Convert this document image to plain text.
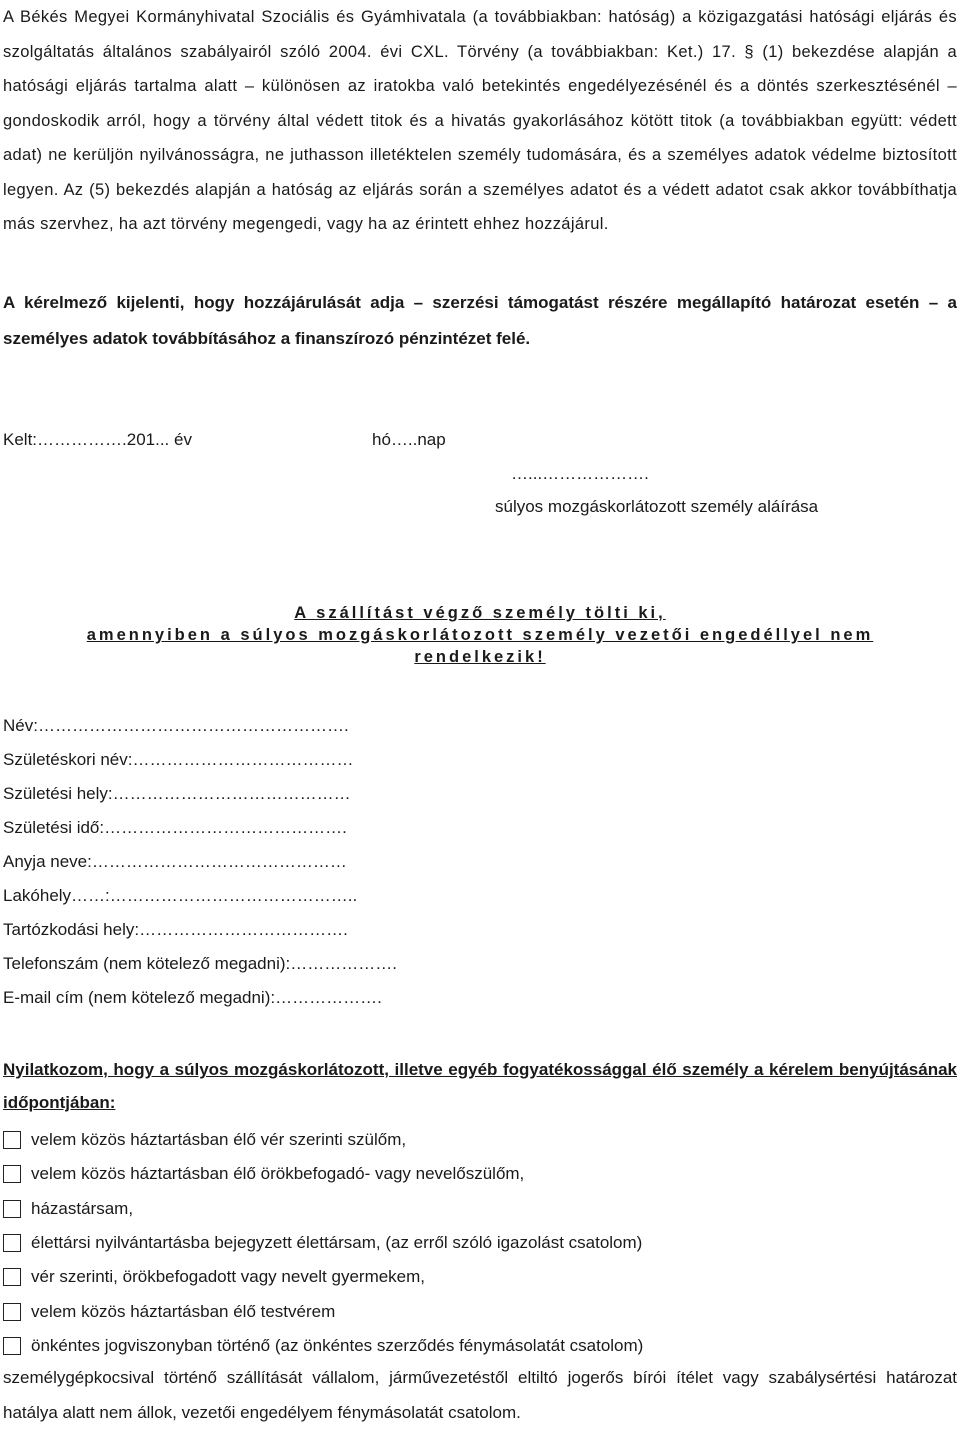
A Békés Megyei Kormányhivatal Szociális és Gyámhivatala (a továbbiakban: hatóság) a közigazgatási hatósági eljárás és szolgáltatás általános szabályairól szóló 2004. évi CXL. Törvény (a továbbiakban: Ket.) 17. § (1) bekezdése alapján a hatósági eljárás tartalma alatt – különösen az iratokba való betekintés engedélyezésénél és a döntés szerkesztésénél – gondoskodik arról, hogy a törvény által védett titok és a hivatás gyakorlásához kötött titok (a továbbiakban együtt: védett adat) ne kerüljön nyilvánosságra, ne juthasson illetéktelen személy tudomására, és a személyes adatok védelme biztosított legyen. Az (5) bekezdés alapján a hatóság az eljárás során a személyes adatot és a védett adatot csak akkor továbbíthatja más szervhez, ha azt törvény megengedi, vagy ha az érintett ehhez hozzájárul.

A kérelmező kijelenti, hogy hozzájárulását adja – szerzési támogatást részére megállapító határozat esetén – a személyes adatok továbbításához a finanszírozó pénzintézet felé.

Kelt:…………….201... év	hó…..nap
…...……………….
súlyos mozgáskorlátozott személy aláírása
A szállítást végző személy tölti ki,
amennyiben a súlyos mozgáskorlátozott személy vezetői engedéllyel nem
rendelkezik!
Név:……………………………………………….
Születéskori név:…………………………………
Születési hely:……………………………………
Születési idő:…………………………………….
Anyja neve:………………………………………
Lakóhely……:……………………………………..
Tartózkodási hely:……………………………….
Telefonszám (nem kötelező megadni):……………….
E-mail cím (nem kötelező megadni):……………….

Nyilatkozom, hogy a súlyos mozgáskorlátozott, illetve egyéb fogyatékossággal élő személy a kérelem benyújtásának időpontjában:

velem közös háztartásban élő vér szerinti szülőm,
velem közös háztartásban élő örökbefogadó- vagy nevelőszülőm,
házastársam,
élettársi nyilvántartásba bejegyzett élettársam, (az erről szóló igazolást csatolom)
vér szerinti, örökbefogadott vagy nevelt gyermekem,
velem közös háztartásban élő testvérem
önkéntes jogviszonyban történő (az önkéntes szerződés fénymásolatát csatolom)

személygépkocsival történő szállítását vállalom, járművezetéstől eltiltó jogerős bírói ítélet vagy szabálysértési határozat hatálya alatt nem állok, vezetői engedélyem fénymásolatát csatolom.
